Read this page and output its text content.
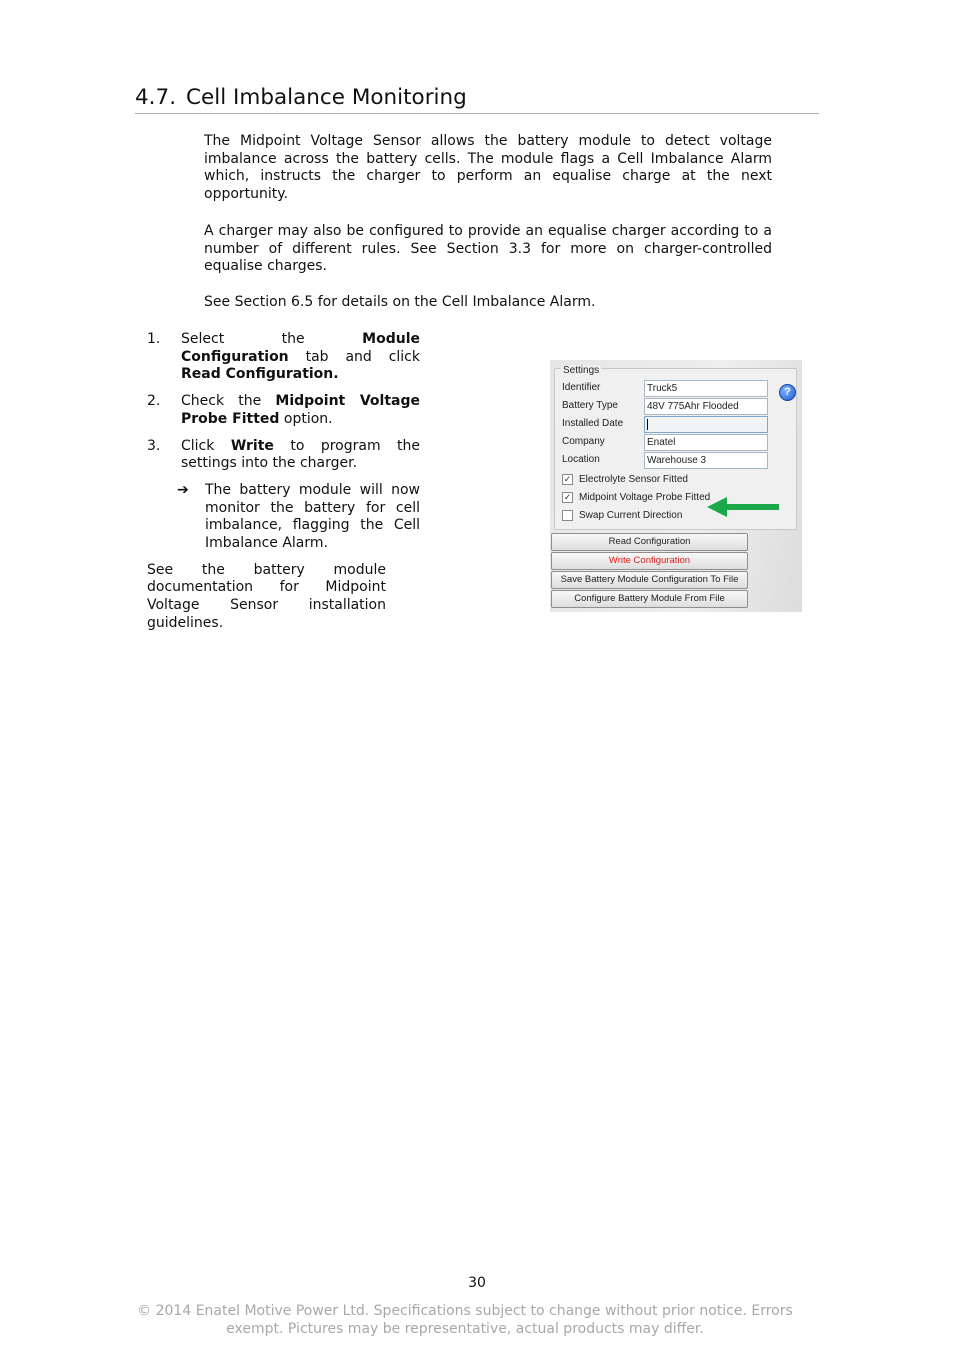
4.7. Cell Imbalance Monitoring

The Midpoint Voltage Sensor allows the battery module to detect voltage imbalance across the battery cells. The module flags a Cell Imbalance Alarm which, instructs the charger to perform an equalise charge at the next opportunity.

A charger may also be configured to provide an equalise charger according to a number of different rules. See Section 3.3 for more on charger-controlled equalise charges.

See Section 6.5 for details on the Cell Imbalance Alarm.

1.	Select the Module Configuration tab and click Read Configuration.
2.	Check the Midpoint Voltage Probe Fitted option.
3.	Click Write to program the settings into the charger.
➔	The battery module will now monitor the battery for cell imbalance, flagging the Cell Imbalance Alarm.
See the battery module documentation for Midpoint Voltage Sensor installation guidelines.
Settings
?
Identifier	Truck5
Battery Type	48V 775Ahr Flooded
Installed Date
Company	Enatel
Location	Warehouse 3
✓ Electrolyte Sensor Fitted
✓ Midpoint Voltage Probe Fitted
Swap Current Direction
Read Configuration
Write Configuration
Save Battery Module Configuration To File
Configure Battery Module From File
30
© 2014 Enatel Motive Power Ltd. Specifications subject to change without prior notice. Errors
exempt. Pictures may be representative, actual products may differ.
